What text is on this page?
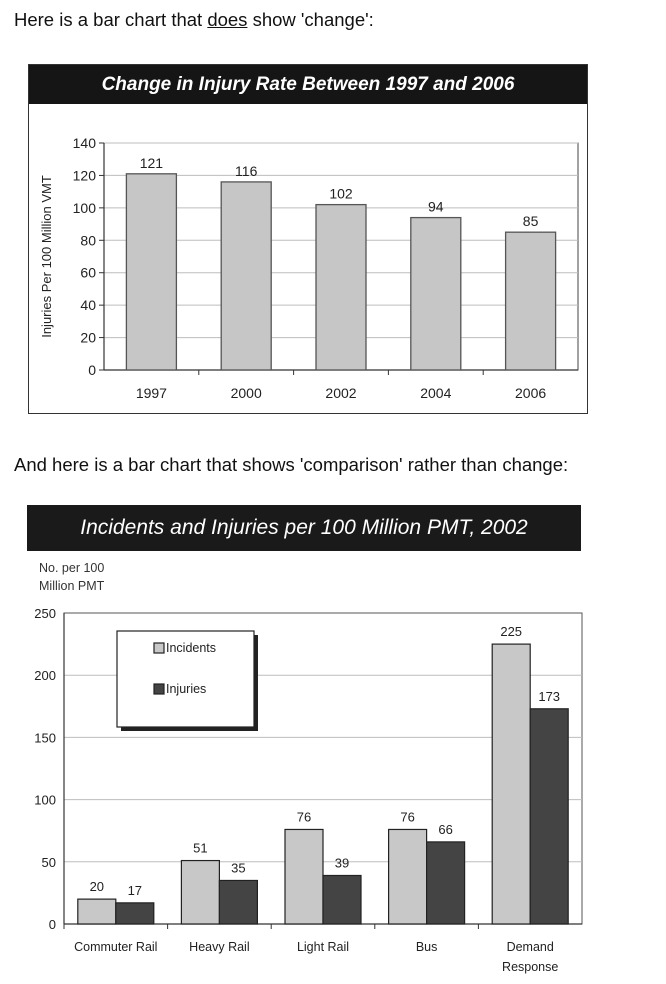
Here is a bar chart that does show 'change':
Change in Injury Rate Between 1997 and 2006
0
20
40
60
80
100
120
140
Injuries Per 100 Million VMT
121
1997
116
2000
102
2002
94
2004
85
2006
And here is a bar chart that shows 'comparison' rather than change:
Incidents and Injuries per 100 Million PMT, 2002
No. per 100
Million PMT
0
50
100
150
200
250
20 17
Commuter Rail
51
35
Heavy Rail
76
39
Light Rail
76
66
Bus
225
173
Demand
Response
Incidents
Injuries
